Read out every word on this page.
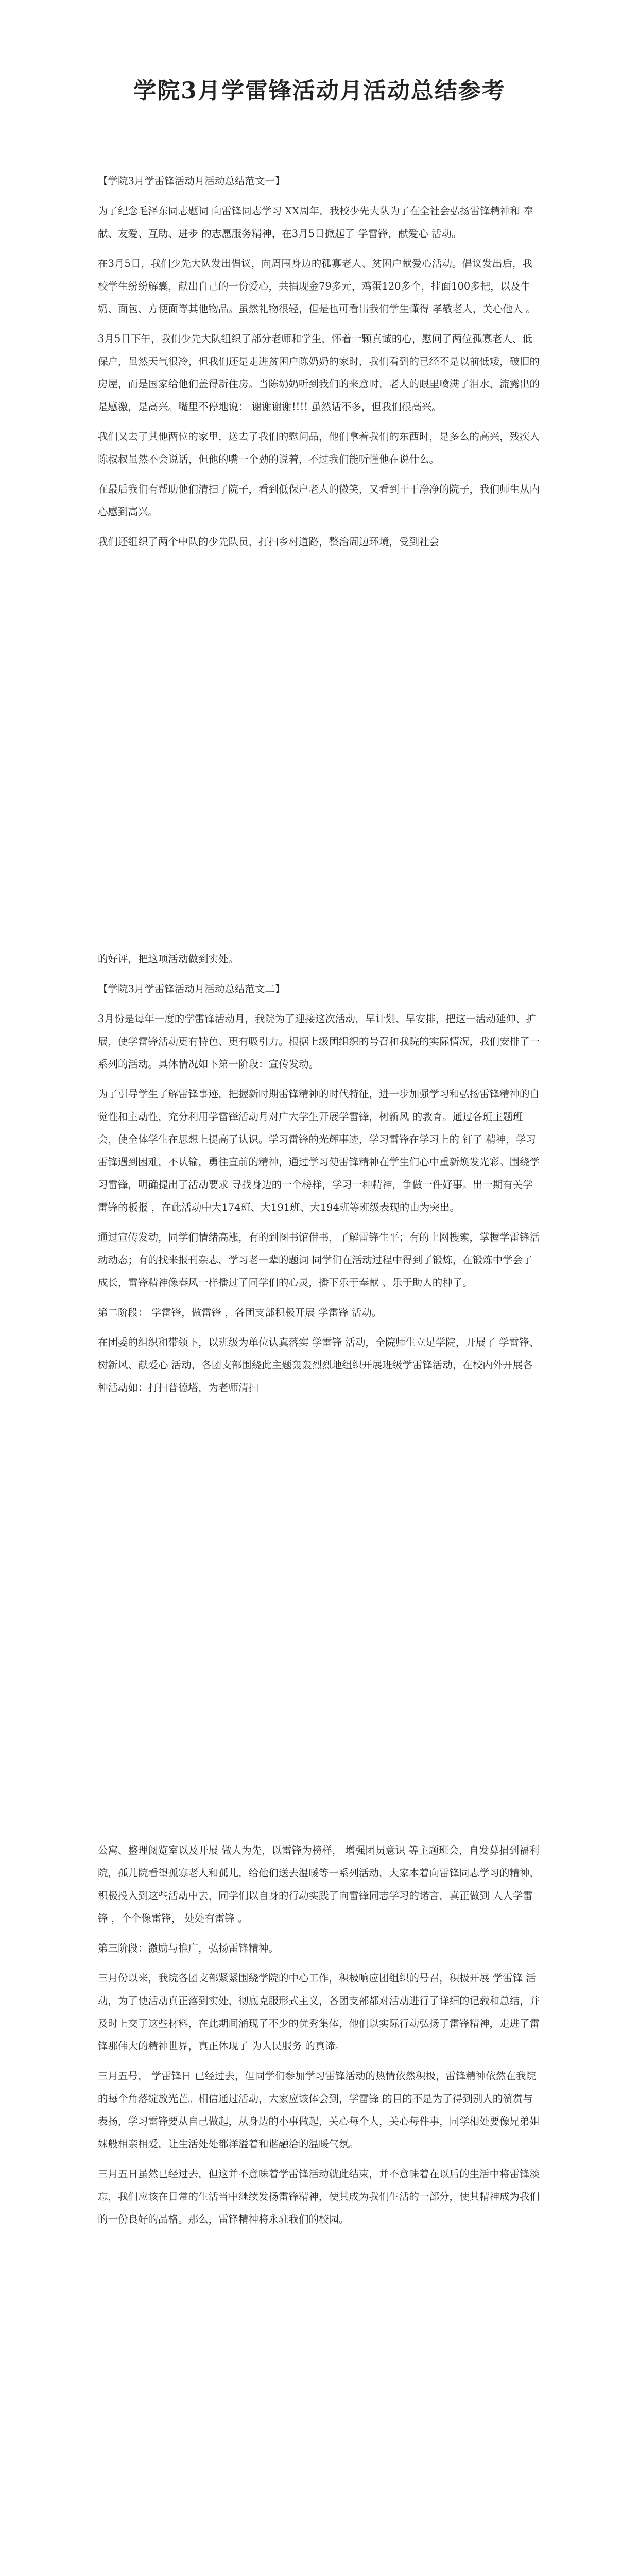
学院3月学雷锋活动月活动总结参考

【学院3月学雷锋活动月活动总结范文一】

为了纪念毛泽东同志题词 向雷锋同志学习 XX周年，我校少先大队为了在全社会弘扬雷锋精神和 奉献、友爱、互助、进步 的志愿服务精神，在3月5日掀起了 学雷锋，献爱心 活动。

在3月5日，我们少先大队发出倡议，向周围身边的孤寡老人、贫困户献爱心活动。倡议发出后，我校学生纷纷解囊，献出自己的一份爱心，共捐现金79多元，鸡蛋120多个，挂面100多把，以及牛奶、面包、方便面等其他物品。虽然礼物很轻，但是也可看出我们学生懂得 孝敬老人，关心他人 。

3月5日下午，我们少先大队组织了部分老师和学生，怀着一颗真诚的心，慰问了两位孤寡老人、低保户，虽然天气很冷，但我们还是走进贫困户陈奶奶的家时，我们看到的已经不是以前低矮，破旧的房屋，而是国家给他们盖得新住房。当陈奶奶听到我们的来意时，老人的眼里噙满了泪水，流露出的是感激，是高兴。嘴里不停地说： 谢谢谢谢!!!! 虽然话不多，但我们很高兴。

我们又去了其他两位的家里，送去了我们的慰问品，他们拿着我们的东西时，是多么的高兴，残疾人陈叔叔虽然不会说话，但他的嘴一个劲的说着，不过我们能听懂他在说什么。

在最后我们有帮助他们清扫了院子，看到低保户老人的微笑，又看到干干净净的院子，我们师生从内心感到高兴。

我们还组织了两个中队的少先队员，打扫乡村道路，整治周边环境，受到社会

的好评，把这项活动做到实处。

【学院3月学雷锋活动月活动总结范文二】

3月份是每年一度的学雷锋活动月，我院为了迎接这次活动，早计划、早安排，把这一活动延伸、扩展，使学雷锋活动更有特色、更有吸引力。根据上级团组织的号召和我院的实际情况，我们安排了一系列的活动。具体情况如下第一阶段：宣传发动。

为了引导学生了解雷锋事迹，把握新时期雷锋精神的时代特征，进一步加强学习和弘扬雷锋精神的自觉性和主动性，充分利用学雷锋活动月对广大学生开展学雷锋，树新风 的教育。通过各班主题班会，使全体学生在思想上提高了认识。学习雷锋的光辉事迹，学习雷锋在学习上的 钉子 精神，学习雷锋遇到困难，不认输，勇往直前的精神，通过学习使雷锋精神在学生们心中重新焕发光彩。围绕学习雷锋，明确提出了活动要求 寻找身边的一个榜样，学习一种精神，争做一件好事。出一期有关学雷锋的板报 ，在此活动中大174班、大191班、大194班等班级表现的由为突出。

通过宣传发动，同学们情绪高涨，有的到图书馆借书，了解雷锋生平；有的上网搜索，掌握学雷锋活动动态；有的找来报刊杂志，学习老一辈的题词 同学们在活动过程中得到了锻炼，在锻炼中学会了成长，雷锋精神像春风一样播过了同学们的心灵，播下乐于奉献 、乐于助人的种子。

第二阶段： 学雷锋，做雷锋 ，各团支部积极开展 学雷锋 活动。

在团委的组织和带领下，以班级为单位认真落实 学雷锋 活动，全院师生立足学院，开展了 学雷锋、树新风、献爱心 活动，各团支部围绕此主题轰轰烈烈地组织开展班级学雷锋活动，在校内外开展各种活动如：打扫普德塔，为老师清扫

公寓、整理阅览室以及开展 做人为先，以雷锋为榜样， 增强团员意识 等主题班会，自发募捐到福利院，孤儿院看望孤寡老人和孤儿，给他们送去温暖等一系列活动，大家本着向雷锋同志学习的精神，积极投入到这些活动中去，同学们以自身的行动实践了向雷锋同志学习的诺言，真正做到 人人学雷锋 ，个个像雷锋， 处处有雷锋 。

第三阶段：激励与推广，弘扬雷锋精神。

三月份以来，我院各团支部紧紧围绕学院的中心工作，积极响应团组织的号召，积极开展 学雷锋 活动，为了使活动真正落到实处，彻底克服形式主义，各团支部都对活动进行了详细的记载和总结，并及时上交了这些材料，在此期间涌现了不少的优秀集体，他们以实际行动弘扬了雷锋精神，走进了雷锋那伟大的精神世界，真正体现了 为人民服务 的真谛。

三月五号， 学雷锋日 已经过去，但同学们参加学习雷锋活动的热情依然积极，雷锋精神依然在我院的每个角落绽放光芒。相信通过活动，大家应该体会到，学雷锋 的目的不是为了得到别人的赞赏与表扬，学习雷锋要从自己做起，从身边的小事做起，关心每个人，关心每件事，同学相处要像兄弟姐妹般相亲相爱，让生活处处都洋溢着和谐融洽的温暖气氛。

三月五日虽然已经过去，但这并不意味着学雷锋活动就此结束，并不意味着在以后的生活中将雷锋淡忘，我们应该在日常的生活当中继续发扬雷锋精神，使其成为我们生活的一部分，使其精神成为我们的一份良好的品格。那么，雷锋精神将永驻我们的校园。
